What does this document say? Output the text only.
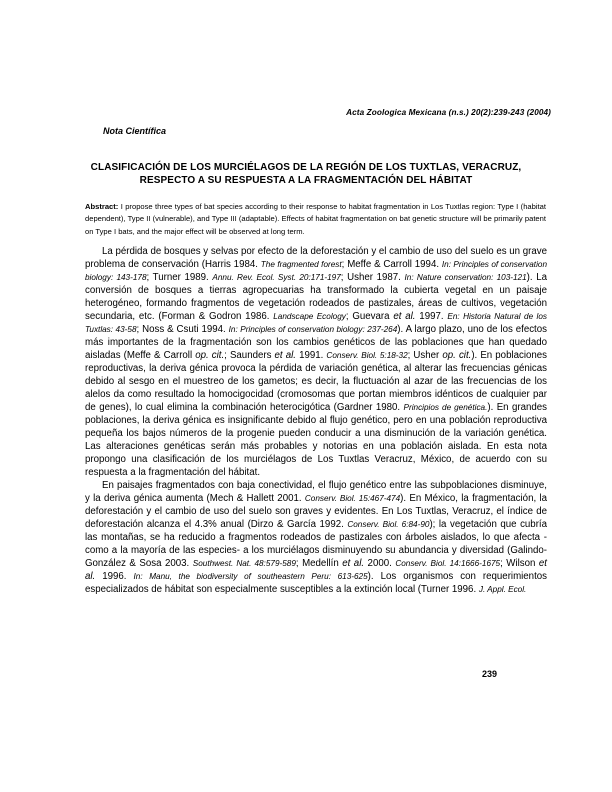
Acta Zoologica Mexicana (n.s.) 20(2):239-243 (2004)
Nota Científica
CLASIFICACIÓN DE LOS MURCIÉLAGOS DE LA REGIÓN DE LOS TUXTLAS, VERACRUZ, RESPECTO A SU RESPUESTA A LA FRAGMENTACIÓN DEL HÁBITAT

Abstract: I propose three types of bat species according to their response to habitat fragmentation in Los Tuxtlas region: Type I (habitat dependent), Type II (vulnerable), and Type III (adaptable). Effects of habitat fragmentation on bat genetic structure will be primarily patent on Type I bats, and the major effect will be observed at long term.

La pérdida de bosques y selvas por efecto de la deforestación y el cambio de uso del suelo es un grave problema de conservación (Harris 1984. The fragmented forest; Meffe & Carroll 1994. In: Principles of conservation biology: 143-178; Turner 1989. Annu. Rev. Ecol. Syst. 20:171-197; Usher 1987. In: Nature conservation: 103-121). La conversión de bosques a tierras agropecuarias ha transformado la cubierta vegetal en un paisaje heterogéneo, formando fragmentos de vegetación rodeados de pastizales, áreas de cultivos, vegetación secundaria, etc. (Forman & Godron 1986. Landscape Ecology; Guevara et al. 1997. En: Historia Natural de los Tuxtlas: 43-58; Noss & Csuti 1994. In: Principles of conservation biology: 237-264). A largo plazo, uno de los efectos más importantes de la fragmentación son los cambios genéticos de las poblaciones que han quedado aisladas (Meffe & Carroll op. cit.; Saunders et al. 1991. Conserv. Biol. 5:18-32; Usher op. cit.). En poblaciones reproductivas, la deriva génica provoca la pérdida de variación genética, al alterar las frecuencias génicas debido al sesgo en el muestreo de los gametos; es decir, la fluctuación al azar de las frecuencias de los alelos da como resultado la homocigocidad (cromosomas que portan miembros idénticos de cualquier par de genes), lo cual elimina la combinación heterocigótica (Gardner 1980. Principios de genética.). En grandes poblaciones, la deriva génica es insignificante debido al flujo genético, pero en una población reproductiva pequeña los bajos números de la progenie pueden conducir a una disminución de la variación genética. Las alteraciones genéticas serán más probables y notorias en una población aislada. En esta nota propongo una clasificación de los murciélagos de Los Tuxtlas Veracruz, México, de acuerdo con su respuesta a la fragmentación del hábitat.

En paisajes fragmentados con baja conectividad, el flujo genético entre las subpoblaciones disminuye, y la deriva génica aumenta (Mech & Hallett 2001. Conserv. Biol. 15:467-474). En México, la fragmentación, la deforestación y el cambio de uso del suelo son graves y evidentes. En Los Tuxtlas, Veracruz, el índice de deforestación alcanza el 4.3% anual (Dirzo & García 1992. Conserv. Biol. 6:84-90); la vegetación que cubría las montañas, se ha reducido a fragmentos rodeados de pastizales con árboles aislados, lo que afecta -como a la mayoría de las especies- a los murciélagos disminuyendo su abundancia y diversidad (Galindo-González & Sosa 2003. Southwest. Nat. 48:579-589; Medellín et al. 2000. Conserv. Biol. 14:1666-1675; Wilson et al. 1996. In: Manu, the biodiversity of southeastern Peru: 613-625). Los organismos con requerimientos especializados de hábitat son especialmente susceptibles a la extinción local (Turner 1996. J. Appl. Ecol.

239
